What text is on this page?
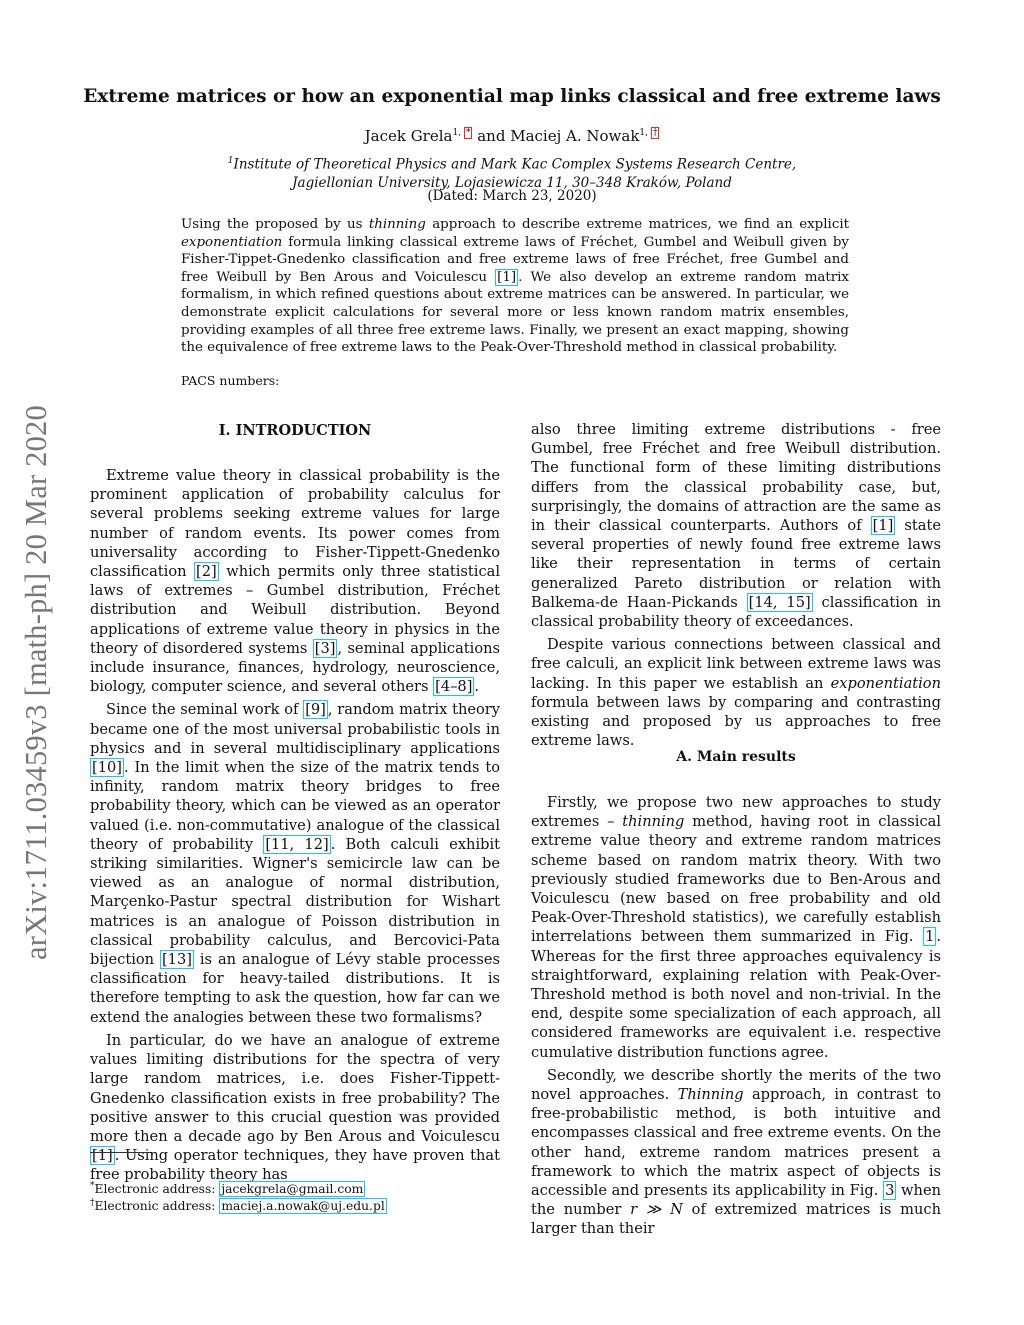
arXiv:1711.03459v3 [math-ph] 20 Mar 2020
Extreme matrices or how an exponential map links classical and free extreme laws
Jacek Grela$^{1,}$ * and Maciej A. Nowak$^{1,}$ †
$^1$Institute of Theoretical Physics and Mark Kac Complex Systems Research Centre,
Jagiellonian University, Lojasiewicza 11, 30–348 Kraków, Poland
(Dated: March 23, 2020)
Using the proposed by us thinning approach to describe extreme matrices, we find an explicit exponentiation formula linking classical extreme laws of Fréchet, Gumbel and Weibull given by Fisher-Tippet-Gnedenko classification and free extreme laws of free Fréchet, free Gumbel and free Weibull by Ben Arous and Voiculescu [1] . We also develop an extreme random matrix formalism, in which refined questions about extreme matrices can be answered. In particular, we demonstrate explicit calculations for several more or less known random matrix ensembles, providing examples of all three free extreme laws. Finally, we present an exact mapping, showing the equivalence of free extreme laws to the Peak-Over-Threshold method in classical probability.
PACS numbers:
I. INTRODUCTION

Extreme value theory in classical probability is the prominent application of probability calculus for several problems seeking extreme values for large number of random events. Its power comes from universality according to Fisher-Tippett-Gnedenko classification [2] which permits only three statistical laws of extremes – Gumbel distribution, Fréchet distribution and Weibull distribution. Beyond applications of extreme value theory in physics in the theory of disordered systems [3] , seminal applications include insurance, finances, hydrology, neuroscience, biology, computer science, and several others [4–8] .

Since the seminal work of [9] , random matrix theory became one of the most universal probabilistic tools in physics and in several multidisciplinary applications [10] . In the limit when the size of the matrix tends to infinity, random matrix theory bridges to free probability theory, which can be viewed as an operator valued (i.e. non-commutative) analogue of the classical theory of probability [11, 12] . Both calculi exhibit striking similarities. Wigner's semicircle law can be viewed as an analogue of normal distribution, Marçenko-Pastur spectral distribution for Wishart matrices is an analogue of Poisson distribution in classical probability calculus, and Bercovici-Pata bijection [13] is an analogue of Lévy stable processes classification for heavy-tailed distributions. It is therefore tempting to ask the question, how far can we extend the analogies between these two formalisms?

In particular, do we have an analogue of extreme values limiting distributions for the spectra of very large random matrices, i.e. does Fisher-Tippett-Gnedenko classification exists in free probability? The positive answer to this crucial question was provided more then a decade ago by Ben Arous and Voiculescu [1] . Using operator techniques, they have proven that free probability theory has

*Electronic address: jacekgrela@gmail.com
†Electronic address: maciej.a.nowak@uj.edu.pl

also three limiting extreme distributions - free Gumbel, free Fréchet and free Weibull distribution. The functional form of these limiting distributions differs from the classical probability case, but, surprisingly, the domains of attraction are the same as in their classical counterparts. Authors of [1] state several properties of newly found free extreme laws like their representation in terms of certain generalized Pareto distribution or relation with Balkema-de Haan-Pickands [14, 15] classification in classical probability theory of exceedances.

Despite various connections between classical and free calculi, an explicit link between extreme laws was lacking. In this paper we establish an exponentiation formula between laws by comparing and contrasting existing and proposed by us approaches to free extreme laws.

A. Main results

Firstly, we propose two new approaches to study extremes – thinning method, having root in classical extreme value theory and extreme random matrices scheme based on random matrix theory. With two previously studied frameworks due to Ben-Arous and Voiculescu (new based on free probability and old Peak-Over-Threshold statistics), we carefully establish interrelations between them summarized in Fig. 1 . Whereas for the first three approaches equivalency is straightforward, explaining relation with Peak-Over-Threshold method is both novel and non-trivial. In the end, despite some specialization of each approach, all considered frameworks are equivalent i.e. respective cumulative distribution functions agree.

Secondly, we describe shortly the merits of the two novel approaches. Thinning approach, in contrast to free-probabilistic method, is both intuitive and encompasses classical and free extreme events. On the other hand, extreme random matrices present a framework to which the matrix aspect of objects is accessible and presents its applicability in Fig. 3 when the number r ≫ N of extremized matrices is much larger than their
